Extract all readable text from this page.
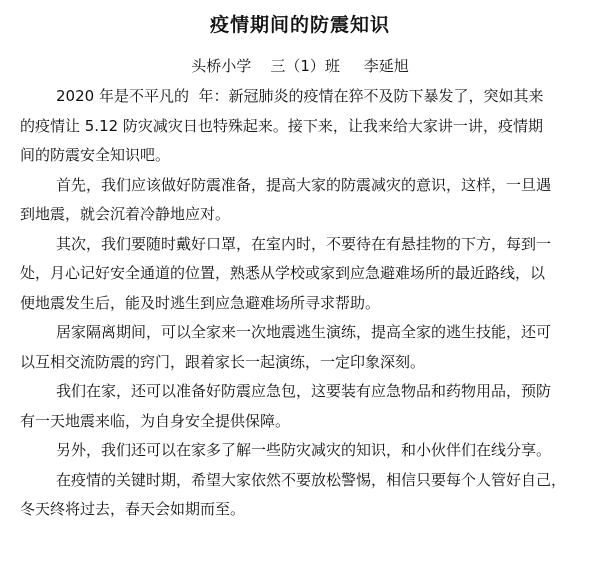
疫情期间的防震知识
头桥小学    三（1）班     李延旭
2020 年是不平凡的  年：新冠肺炎的疫情在猝不及防下暴发了，突如其来
的疫情让 5.12 防灾减灾日也特殊起来。接下来，让我来给大家讲一讲，疫情期
间的防震安全知识吧。
首先，我们应该做好防震准备，提高大家的防震减灾的意识，这样，一旦遇
到地震，就会沉着冷静地应对。
其次，我们要随时戴好口罩，在室内时，不要待在有悬挂物的下方，每到一
处，月心记好安全通道的位置，熟悉从学校或家到应急避难场所的最近路线，以
便地震发生后，能及时逃生到应急避难场所寻求帮助。
居家隔离期间，可以全家来一次地震逃生演练，提高全家的逃生技能，还可
以互相交流防震的窍门，跟着家长一起演练，一定印象深刻。
我们在家，还可以准备好防震应急包，这要装有应急物品和药物用品，预防
有一天地震来临，为自身安全提供保障。
另外，我们还可以在家多了解一些防灾减灾的知识，和小伙伴们在线分享。
在疫情的关键时期，希望大家依然不要放松警惕，相信只要每个人管好自己，
冬天终将过去，春天会如期而至。
